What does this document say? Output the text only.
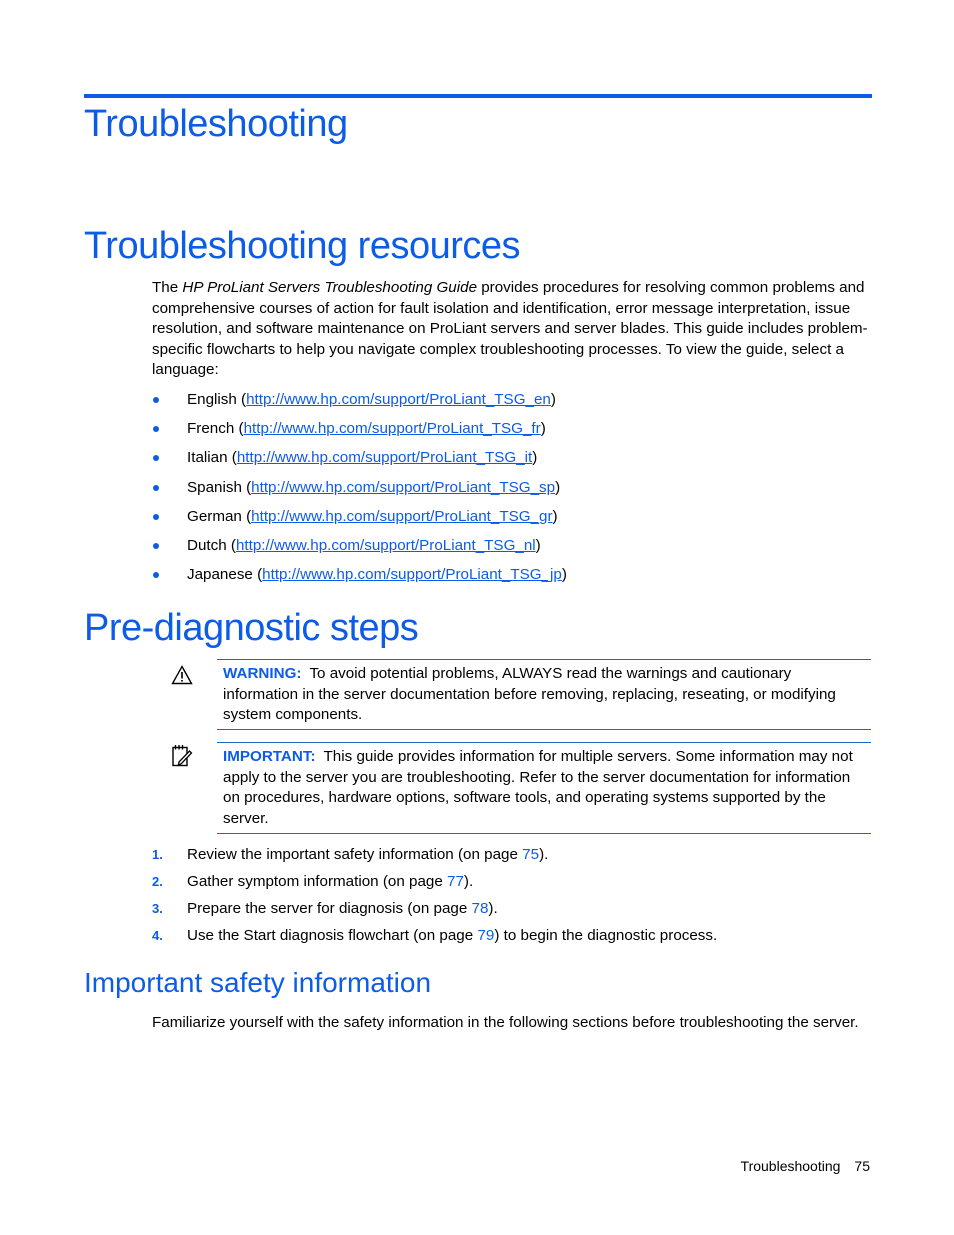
Troubleshooting
Troubleshooting resources

The HP ProLiant Servers Troubleshooting Guide provides procedures for resolving common problems and comprehensive courses of action for fault isolation and identification, error message interpretation, issue resolution, and software maintenance on ProLiant servers and server blades. This guide includes problem-specific flowcharts to help you navigate complex troubleshooting processes. To view the guide, select a language:

English (http://www.hp.com/support/ProLiant_TSG_en)
French (http://www.hp.com/support/ProLiant_TSG_fr)
Italian (http://www.hp.com/support/ProLiant_TSG_it)
Spanish (http://www.hp.com/support/ProLiant_TSG_sp)
German (http://www.hp.com/support/ProLiant_TSG_gr)
Dutch (http://www.hp.com/support/ProLiant_TSG_nl)
Japanese (http://www.hp.com/support/ProLiant_TSG_jp)
Pre-diagnostic steps
WARNING: To avoid potential problems, ALWAYS read the warnings and cautionary information in the server documentation before removing, replacing, reseating, or modifying system components.
IMPORTANT: This guide provides information for multiple servers. Some information may not apply to the server you are troubleshooting. Refer to the server documentation for information on procedures, hardware options, software tools, and operating systems supported by the server.
1. Review the important safety information (on page 75).
2. Gather symptom information (on page 77).
3. Prepare the server for diagnosis (on page 78).
4. Use the Start diagnosis flowchart (on page 79) to begin the diagnostic process.
Important safety information

Familiarize yourself with the safety information in the following sections before troubleshooting the server.

Troubleshooting 75
